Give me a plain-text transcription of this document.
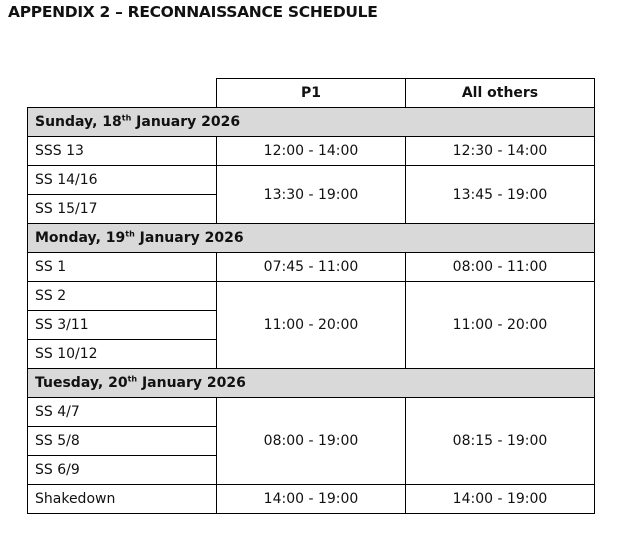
APPENDIX 2 – RECONNAISSANCE SCHEDULE
	P1	All others
Sunday, 18th January 2026		
SSS 13	12:00 - 14:00	12:30 - 14:00
SS 14/16	13:30 - 19:00	13:45 - 19:00
SS 15/17		
Monday, 19th January 2026		
SS 1	07:45 - 11:00	08:00 - 11:00
SS 2	11:00 - 20:00	11:00 - 20:00
SS 3/11		
SS 10/12		
Tuesday, 20th January 2026		
SS 4/7	08:00 - 19:00	08:15 - 19:00
SS 5/8		
SS 6/9		
Shakedown	14:00 - 19:00	14:00 - 19:00
